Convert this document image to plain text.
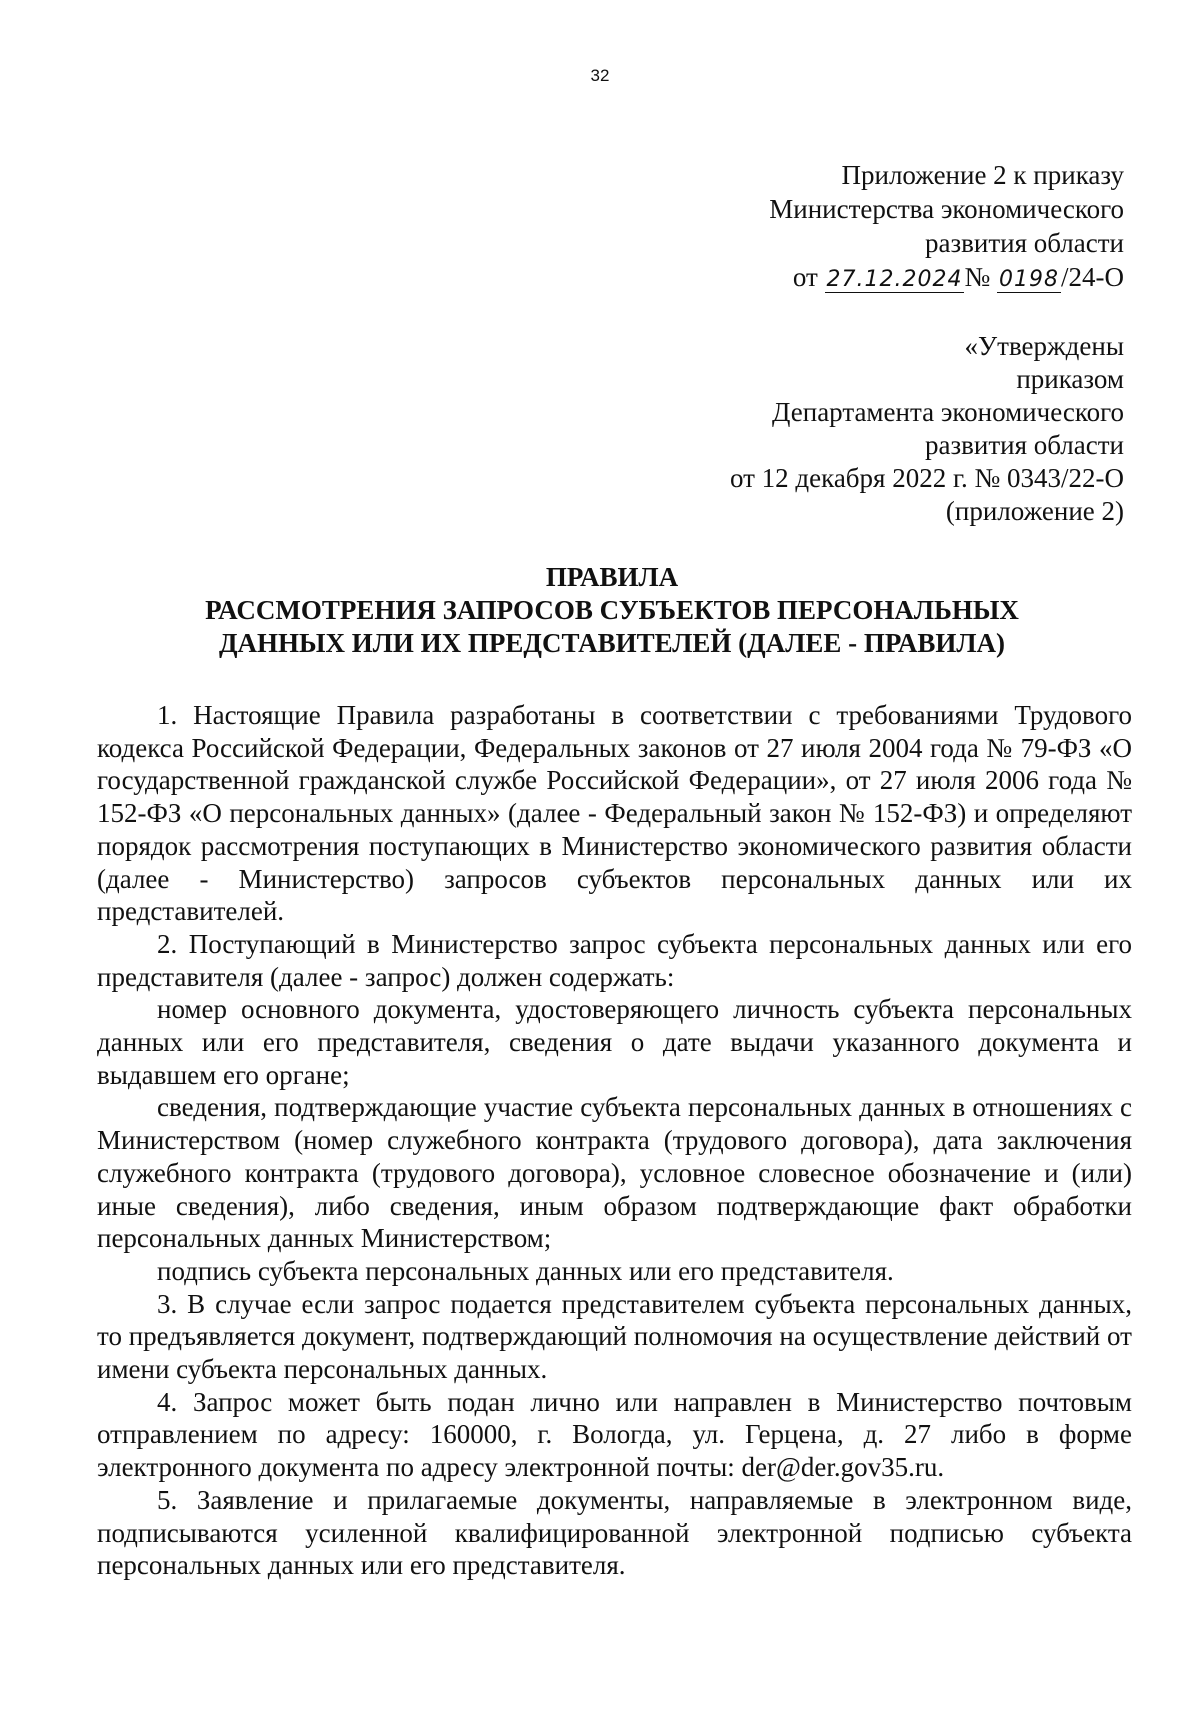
32
Приложение 2 к приказу
Министерства экономического
развития области
от 27.12.2024№ 0198/24-О
«Утверждены
приказом
Департамента экономического
развития области
от 12 декабря 2022 г. № 0343/22-О
(приложение 2)
ПРАВИЛА
РАССМОТРЕНИЯ ЗАПРОСОВ СУБЪЕКТОВ ПЕРСОНАЛЬНЫХ
ДАННЫХ ИЛИ ИХ ПРЕДСТАВИТЕЛЕЙ (ДАЛЕЕ - ПРАВИЛА)

1. Настоящие Правила разработаны в соответствии с требованиями Трудового кодекса Российской Федерации, Федеральных законов от 27 июля 2004 года № 79-ФЗ «О государственной гражданской службе Российской Федерации», от 27 июля 2006 года № 152-ФЗ «О персональных данных» (далее - Федеральный закон № 152-ФЗ) и определяют порядок рассмотрения поступающих в Министерство экономического развития области (далее - Министерство) запросов субъектов персональных данных или их представителей.

2. Поступающий в Министерство запрос субъекта персональных данных или его представителя (далее - запрос) должен содержать:

номер основного документа, удостоверяющего личность субъекта персональных данных или его представителя, сведения о дате выдачи указанного документа и выдавшем его органе;

сведения, подтверждающие участие субъекта персональных данных в отношениях с Министерством (номер служебного контракта (трудового договора), дата заключения служебного контракта (трудового договора), условное словесное обозначение и (или) иные сведения), либо сведения, иным образом подтверждающие факт обработки персональных данных Министерством;

подпись субъекта персональных данных или его представителя.

3. В случае если запрос подается представителем субъекта персональных данных, то предъявляется документ, подтверждающий полномочия на осуществление действий от имени субъекта персональных данных.

4. Запрос может быть подан лично или направлен в Министерство почтовым отправлением по адресу: 160000, г. Вологда, ул. Герцена, д. 27 либо в форме электронного документа по адресу электронной почты: der@der.gov35.ru.

5. Заявление и прилагаемые документы, направляемые в электронном виде, подписываются усиленной квалифицированной электронной подписью субъекта персональных данных или его представителя.
